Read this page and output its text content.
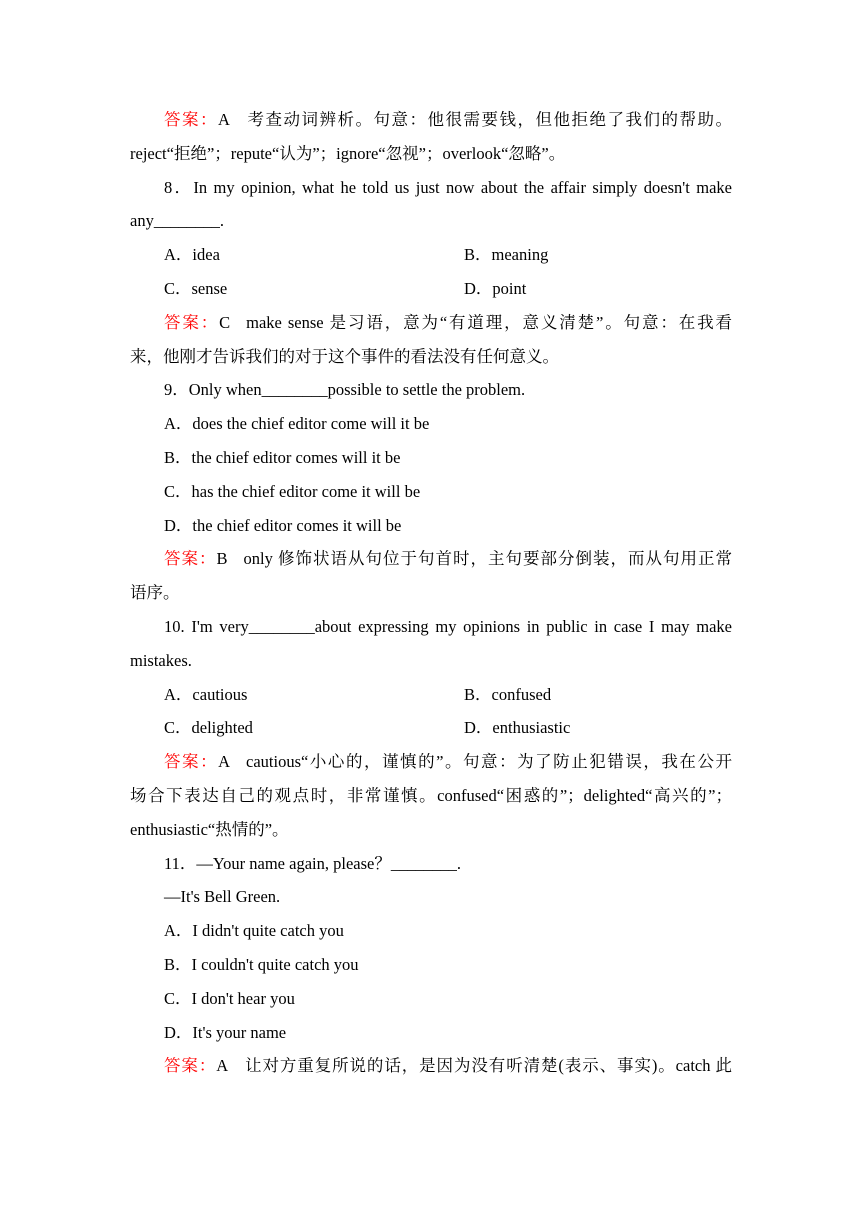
答案：A 考查动词辨析。句意：他很需要钱，但他拒绝了我们的帮助。
reject“拒绝”；repute“认为”；ignore“忽视”；overlook“忽略”。
8．In my opinion, what he told us just now about the affair simply doesn't make
any________.
A．idea	B．meaning
C．sense	D．point
答案：C make sense 是习语，意为“有道理，意义清楚”。句意：在我看
来，他刚才告诉我们的对于这个事件的看法没有任何意义。
9．Only when________possible to settle the problem.
A．does the chief editor come will it be
B．the chief editor comes will it be
C．has the chief editor come it will be
D．the chief editor comes it will be
答案：B only 修饰状语从句位于句首时，主句要部分倒装，而从句用正常
语序。
10. I'm very________about expressing my opinions in public in case I may make
mistakes.
A．cautious	B．confused
C．delighted	D．enthusiastic
答案：A cautious“小心的，谨慎的”。句意：为了防止犯错误，我在公开
场合下表达自己的观点时，非常谨慎。confused“困惑的”；delighted“高兴的”；
enthusiastic“热情的”。
11．—Your name again, please？________.
—It's Bell Green.
A．I didn't quite catch you
B．I couldn't quite catch you
C．I don't hear you
D．It's your name
答案：A 让对方重复所说的话，是因为没有听清楚(表示、事实)。catch 此
